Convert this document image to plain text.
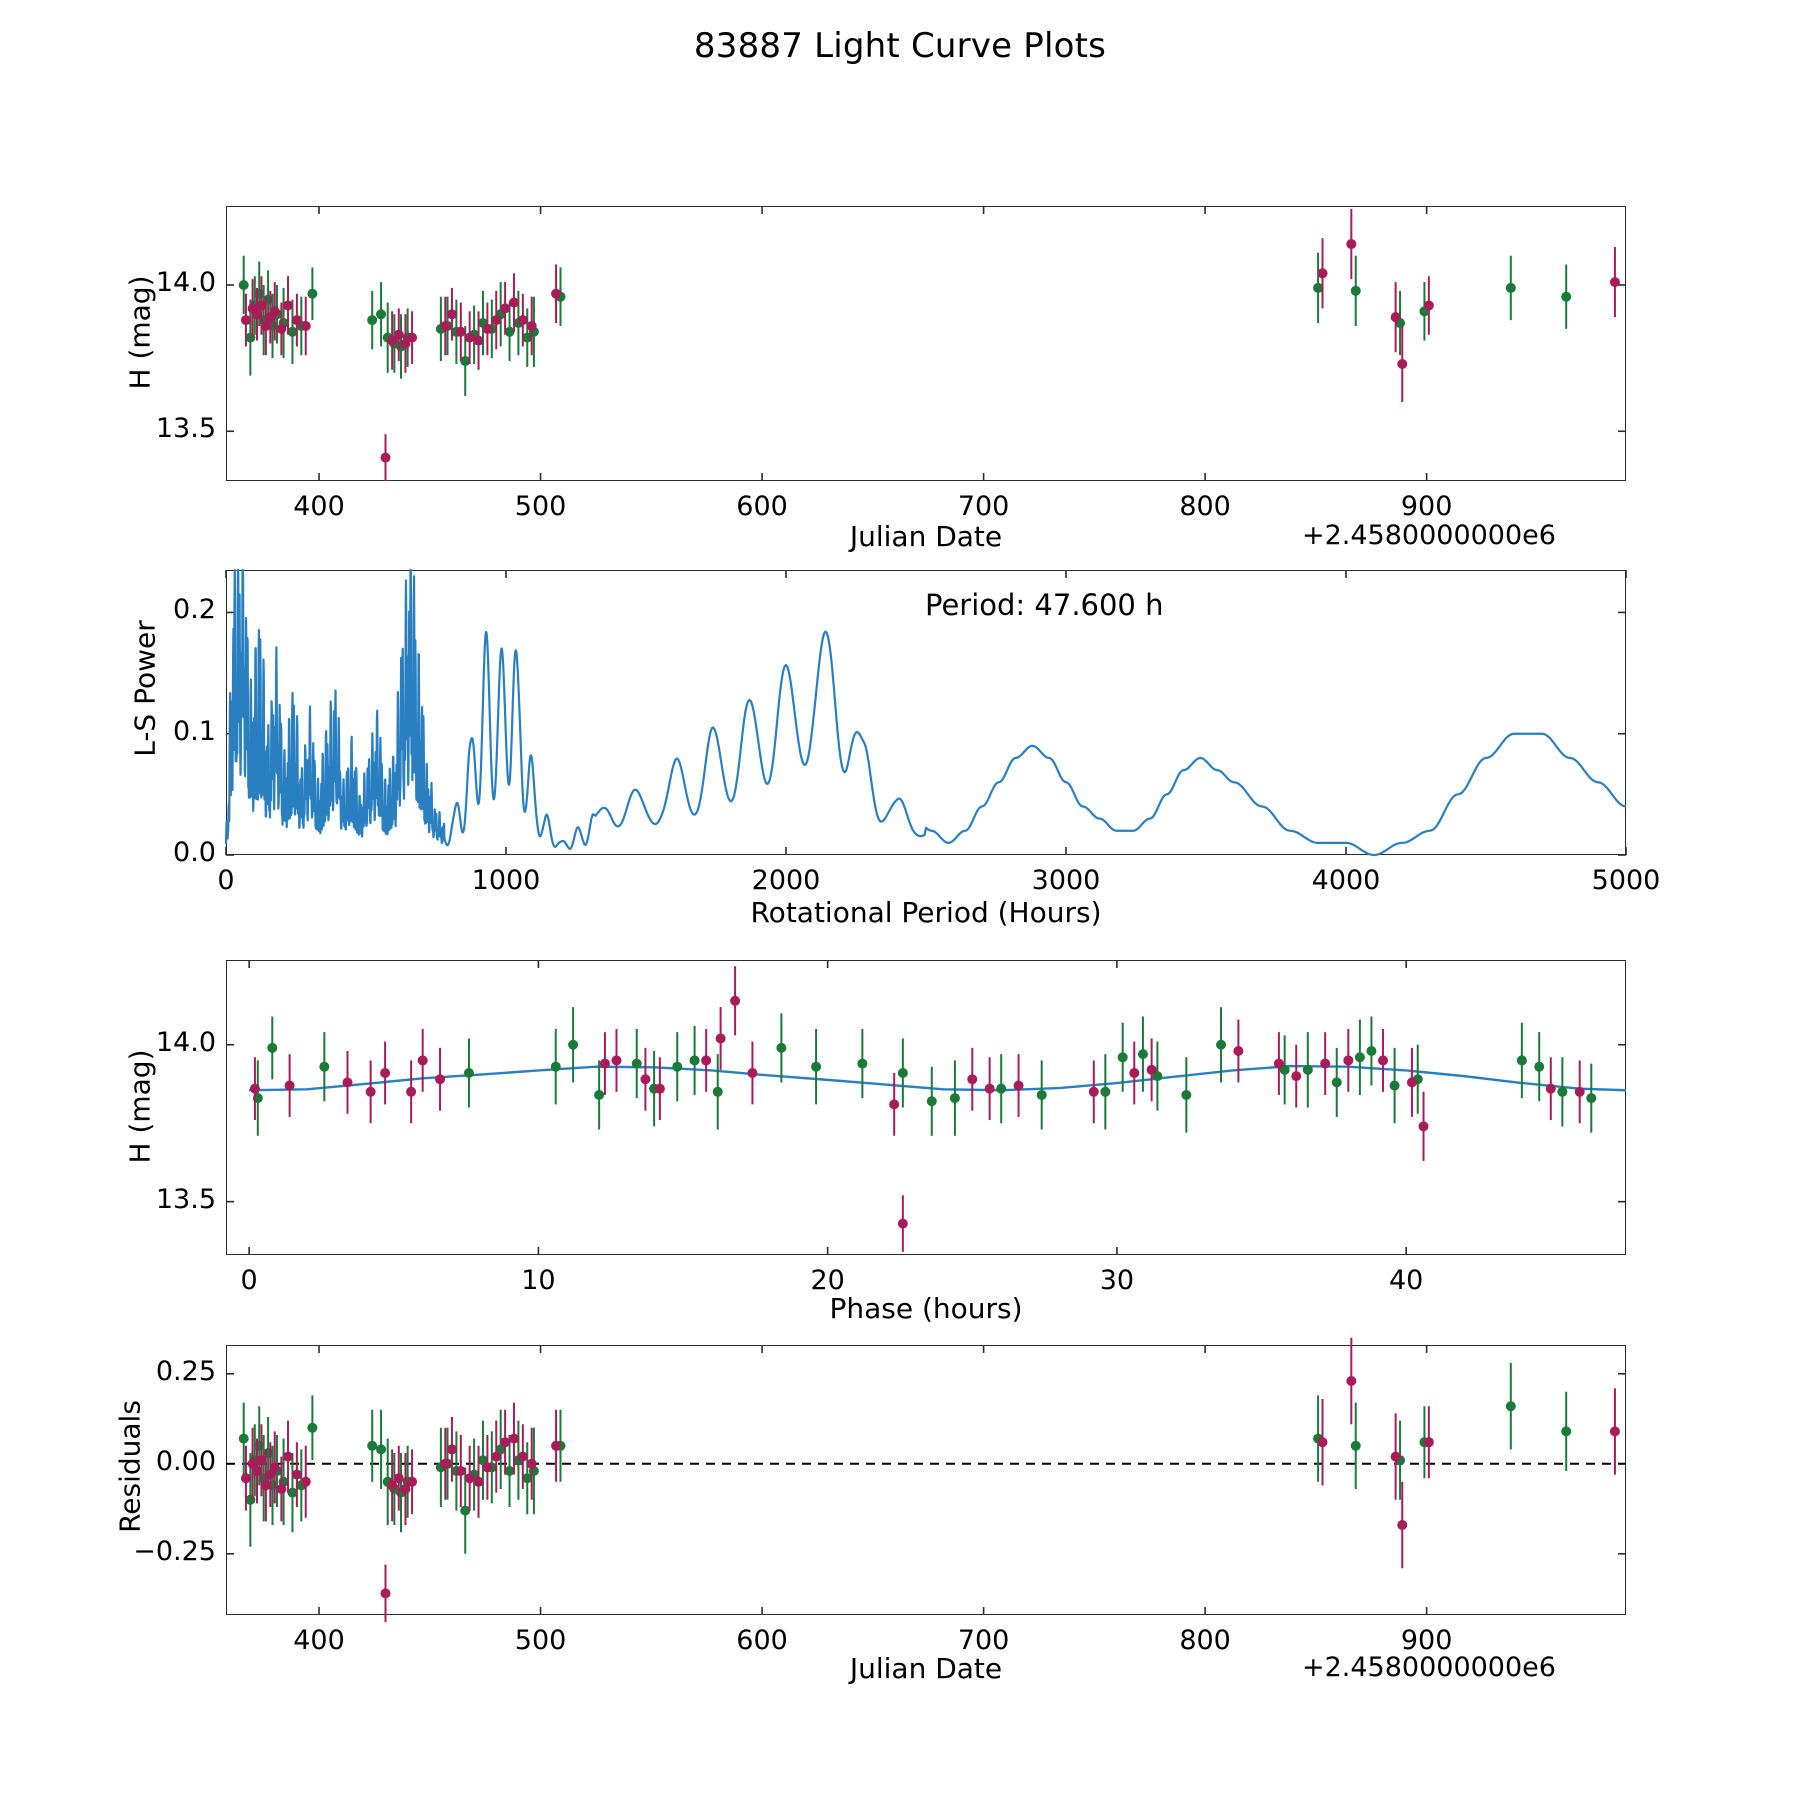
83887 Light Curve Plots
H (mag)
Julian Date	+2.4580000000e6
Period: 47.600 h
L-S Power
Rotational Period (Hours)
H (mag)
Phase (hours)
Residuals
Julian Date	+2.4580000000e6
400	500	600	700	800	900
13.5
14.0
0	1000	2000	3000	4000	5000
0.0
0.1
0.2
0	10	20	30	40
13.5
14.0
400	500	600	700	800	900
−0.25
0.00
0.25
